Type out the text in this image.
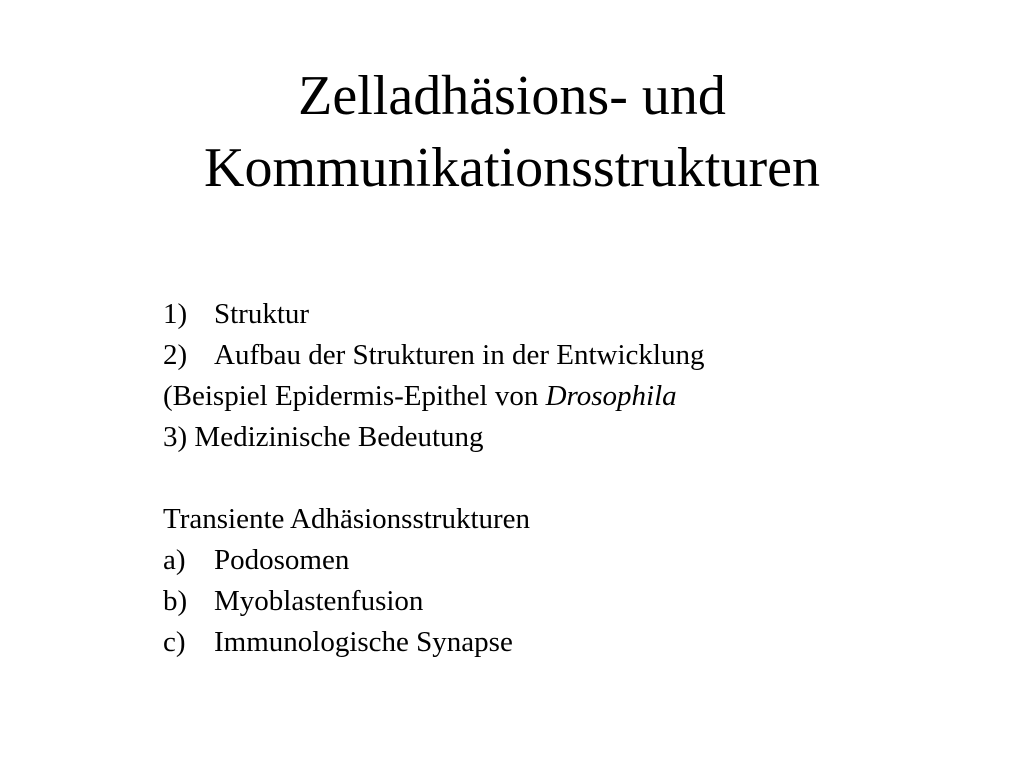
Zelladhäsions- und
Kommunikationsstrukturen
1) Struktur
2) Aufbau der Strukturen in der Entwicklung
(Beispiel Epidermis-Epithel von Drosophila
3) Medizinische Bedeutung
Transiente Adhäsionsstrukturen
a) Podosomen
b) Myoblastenfusion
c) Immunologische Synapse
